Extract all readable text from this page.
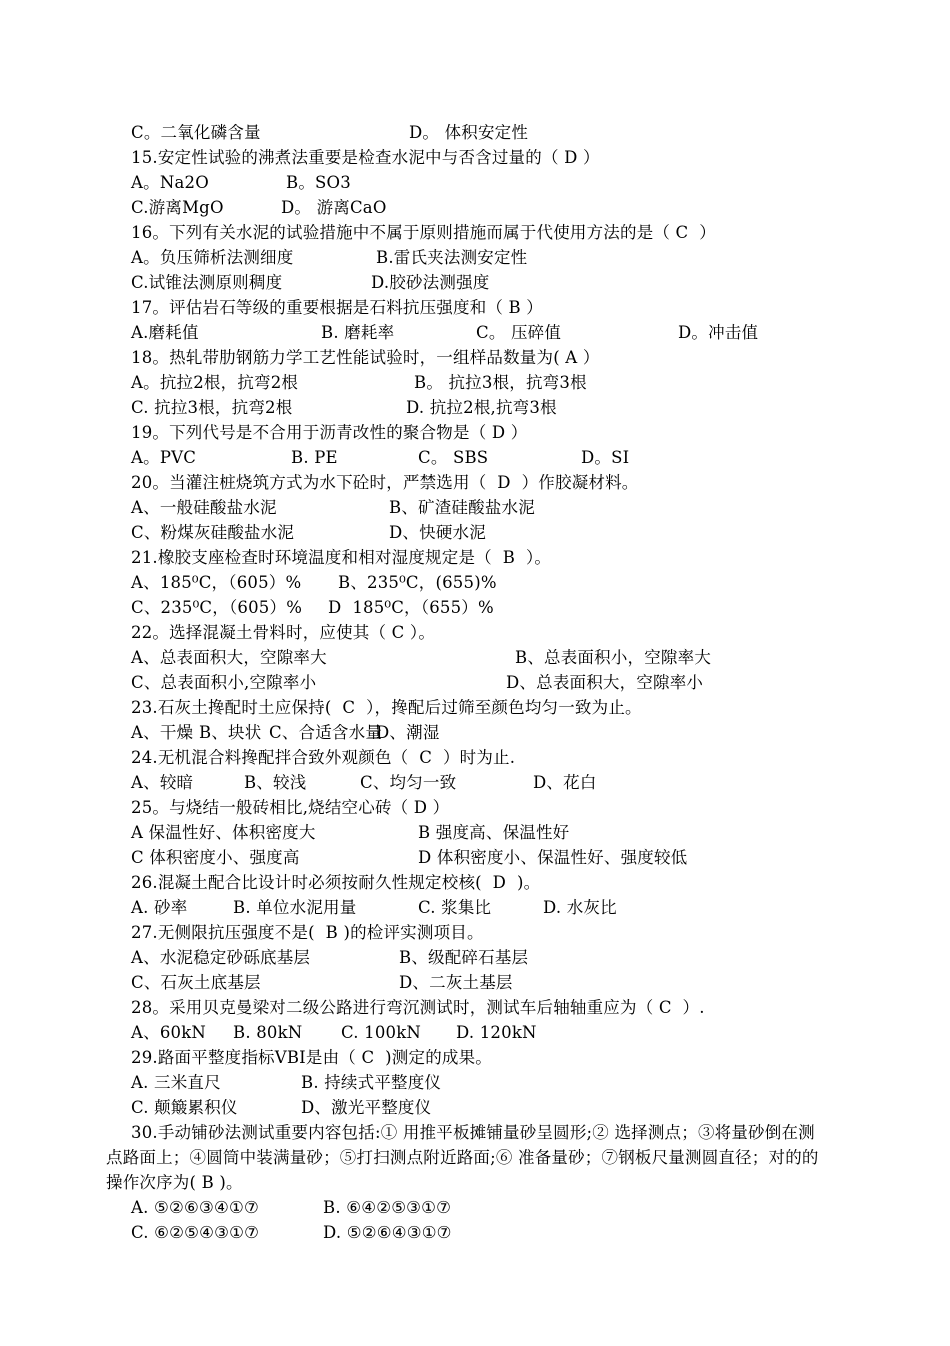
C。二氧化磷含量	D。 体积安定性
15.安定性试验的沸煮法重要是检查水泥中与否含过量的（ D ）
A。Na2O	B。SO3
C.游离MgO	D。 游离CaO
16。下列有关水泥的试验措施中不属于原则措施而属于代使用方法的是（ C  ）
A。负压筛析法测细度	B.雷氏夹法测安定性
C.试锥法测原则稠度	D.胶砂法测强度
17。评估岩石等级的重要根据是石料抗压强度和（ B ）
A.磨耗值	B. 磨耗率	C。 压碎值	D。冲击值
18。热轧带肋钢筋力学工艺性能试验时，一组样品数量为( A ）
A。抗拉2根，抗弯2根	B。 抗拉3根，抗弯3根
C. 抗拉3根，抗弯2根	D. 抗拉2根,抗弯3根
19。下列代号是不合用于沥青改性的聚合物是（ D ）
A。PVC	B. PE	C。 SBS	D。SI
20。当灌注桩烧筑方式为水下砼时，严禁选用（  D  ）作胶凝材料。
A、一般硅酸盐水泥	B、矿渣硅酸盐水泥
C、粉煤灰硅酸盐水泥	D、快硬水泥
21.橡胶支座检查时环境温度和相对湿度规定是（  B  ）。
A、185⁰C，（605）% B、235⁰C，(655)%
C、235⁰C，（605）% D  185⁰C，（655）%
22。选择混凝土骨料时，应使其（ C ）。
A、总表面积大，空隙率大	B、总表面积小，空隙率大
C、总表面积小,空隙率小	D、总表面积大，空隙率小
23.石灰土搀配时土应保持(  C  ），搀配后过筛至颜色均匀一致为止。
A、干燥 B、块状 C、合适含水量
D、潮湿
24.无机混合料搀配拌合致外观颜色（  C  ）时为止.
A、较暗	B、较浅	C、均匀一致	D、花白
25。与烧结一般砖相比,烧结空心砖（ D ）
A 保温性好、体积密度大	B 强度高、保温性好
C 体积密度小、强度高	D 体积密度小、保温性好、强度较低
26.混凝土配合比设计时必须按耐久性规定校核(  D  )。
A. 砂率	B. 单位水泥用量	C. 浆集比	D. 水灰比
27.无侧限抗压强度不是(  B )的检评实测项目。
A、水泥稳定砂砾底基层	B、级配碎石基层
C、石灰土底基层	D、二灰土基层
28。采用贝克曼梁对二级公路进行弯沉测试时，测试车后轴轴重应为（ C  ）.
A、60kN B. 80kN C. 100kN D. 120kN
29.路面平整度指标VBI是由（ C  )测定的成果。
A. 三米直尺	B. 持续式平整度仪
C. 颠簸累积仪	D、激光平整度仪
30.手动铺砂法测试重要内容包括:① 用推平板摊铺量砂呈圆形;② 选择测点；③将量砂倒在测点路面上；④圆筒中装满量砂；⑤打扫测点附近路面;⑥ 准备量砂；⑦钢板尺量测圆直径；对的的操作次序为( B )。
A. ⑤②⑥③④①⑦	B. ⑥④②⑤③①⑦
C. ⑥②⑤④③①⑦	D. ⑤②⑥④③①⑦
